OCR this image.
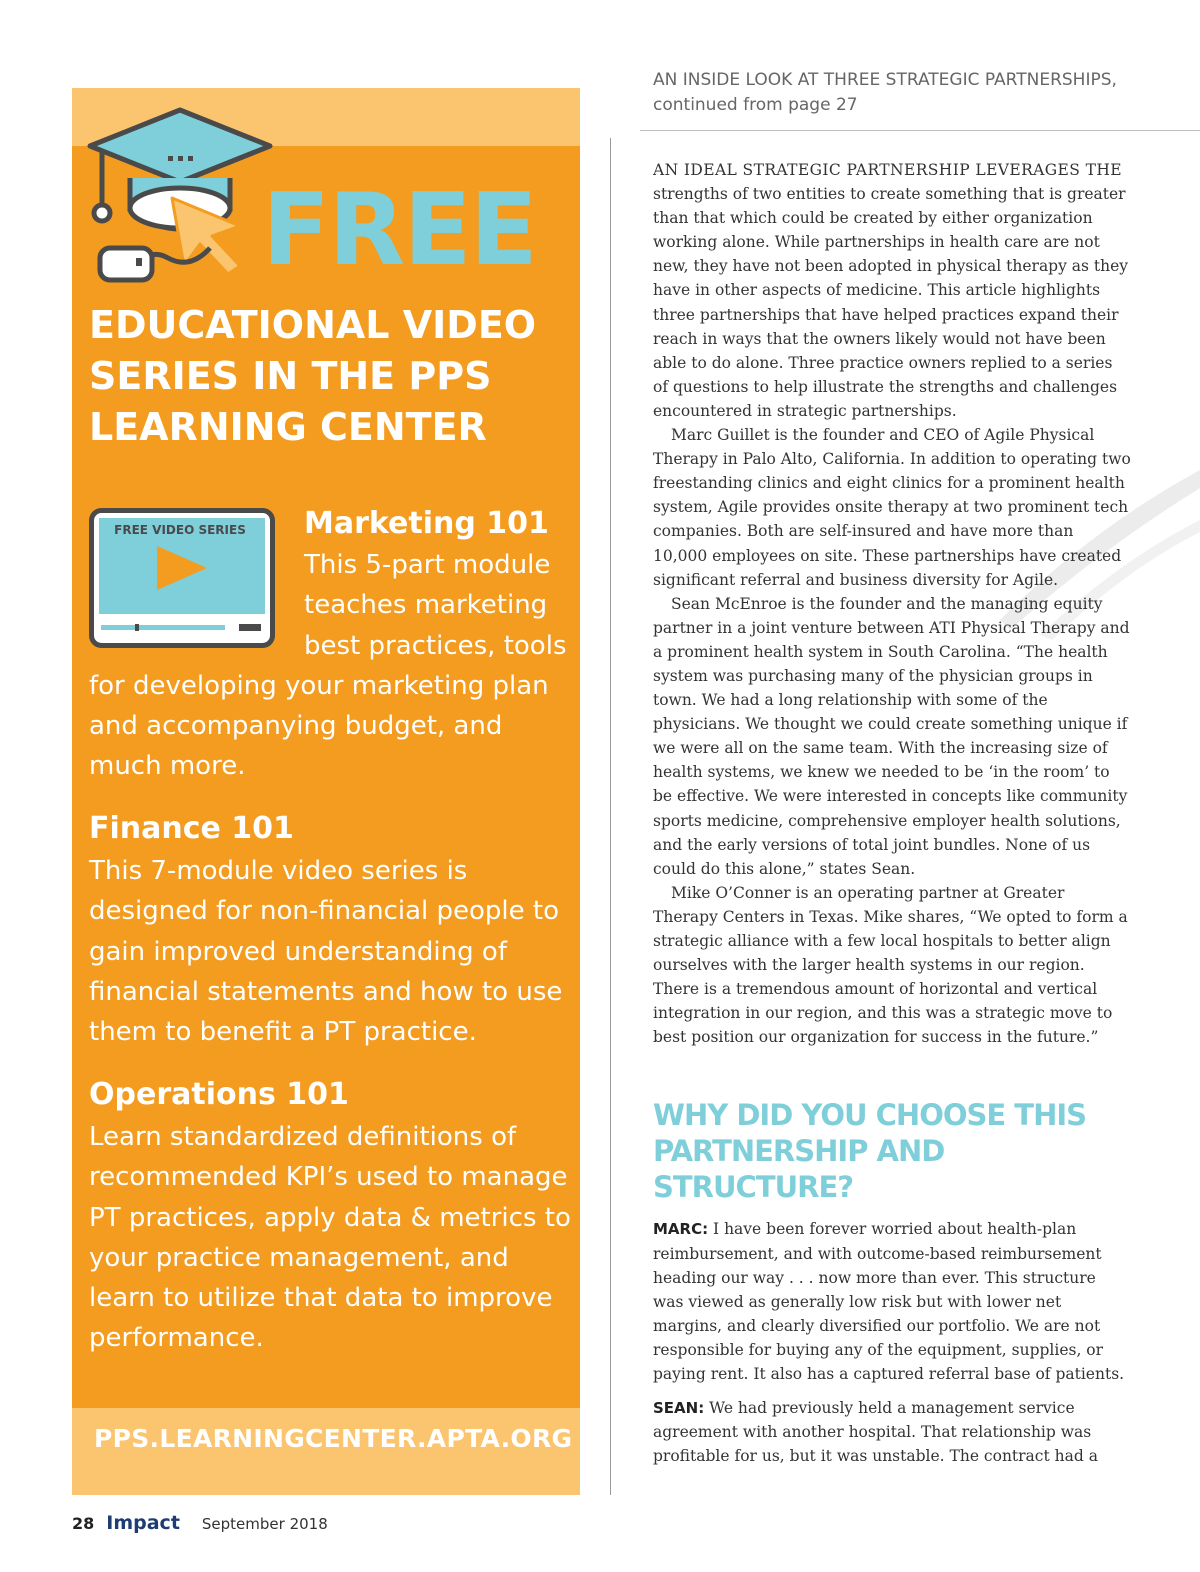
FREE
EDUCATIONAL VIDEO SERIES IN THE PPS LEARNING CENTER
FREE VIDEO SERIES Marketing 101
This 5-part module teaches marketing best practices, tools for developing your marketing plan and accompanying budget, and much more.
Finance 101

This 7-module video series is designed for non-financial people to gain improved understanding of financial statements and how to use them to benefit a PT practice.

Operations 101

Learn standardized definitions of recommended KPI’s used to manage PT practices, apply data & metrics to your practice management, and learn to utilize that data to improve performance.

PPS.LEARNINGCENTER.APTA.ORG

AN INSIDE LOOK AT THREE STRATEGIC PARTNERSHIPS,
continued from page 27

AN IDEAL STRATEGIC PARTNERSHIP LEVERAGES THE strengths of two entities to create something that is greater than that which could be created by either organization working alone. While partnerships in health care are not new, they have not been adopted in physical therapy as they have in other aspects of medicine. This article highlights three partnerships that have helped practices expand their reach in ways that the owners likely would not have been able to do alone. Three practice owners replied to a series of questions to help illustrate the strengths and challenges encountered in strategic partnerships.

Marc Guillet is the founder and CEO of Agile Physical Therapy in Palo Alto, California. In addition to operating two freestanding clinics and eight clinics for a prominent health system, Agile provides onsite therapy at two prominent tech companies. Both are self-insured and have more than 10,000 employees on site. These partnerships have created significant referral and business diversity for Agile.

Sean McEnroe is the founder and the managing equity partner in a joint venture between ATI Physical Therapy and a prominent health system in South Carolina. “The health system was purchasing many of the physician groups in town. We had a long relationship with some of the physicians. We thought we could create something unique if we were all on the same team. With the increasing size of health systems, we knew we needed to be ‘in the room’ to be effective. We were interested in concepts like community sports medicine, comprehensive employer health solutions, and the early versions of total joint bundles. None of us could do this alone,” states Sean.

Mike O’Conner is an operating partner at Greater Therapy Centers in Texas. Mike shares, “We opted to form a strategic alliance with a few local hospitals to better align ourselves with the larger health systems in our region. There is a tremendous amount of horizontal and vertical integration in our region, and this was a strategic move to best position our organization for success in the future.”

WHY DID YOU CHOOSE THIS PARTNERSHIP AND STRUCTURE?

MARC: I have been forever worried about health-plan reimbursement, and with outcome-based reimbursement heading our way . . . now more than ever. This structure was viewed as generally low risk but with lower net margins, and clearly diversified our portfolio. We are not responsible for buying any of the equipment, supplies, or paying rent. It also has a captured referral base of patients.

SEAN: We had previously held a management service agreement with another hospital. That relationship was profitable for us, but it was unstable. The contract had a

28 Impact September 2018
